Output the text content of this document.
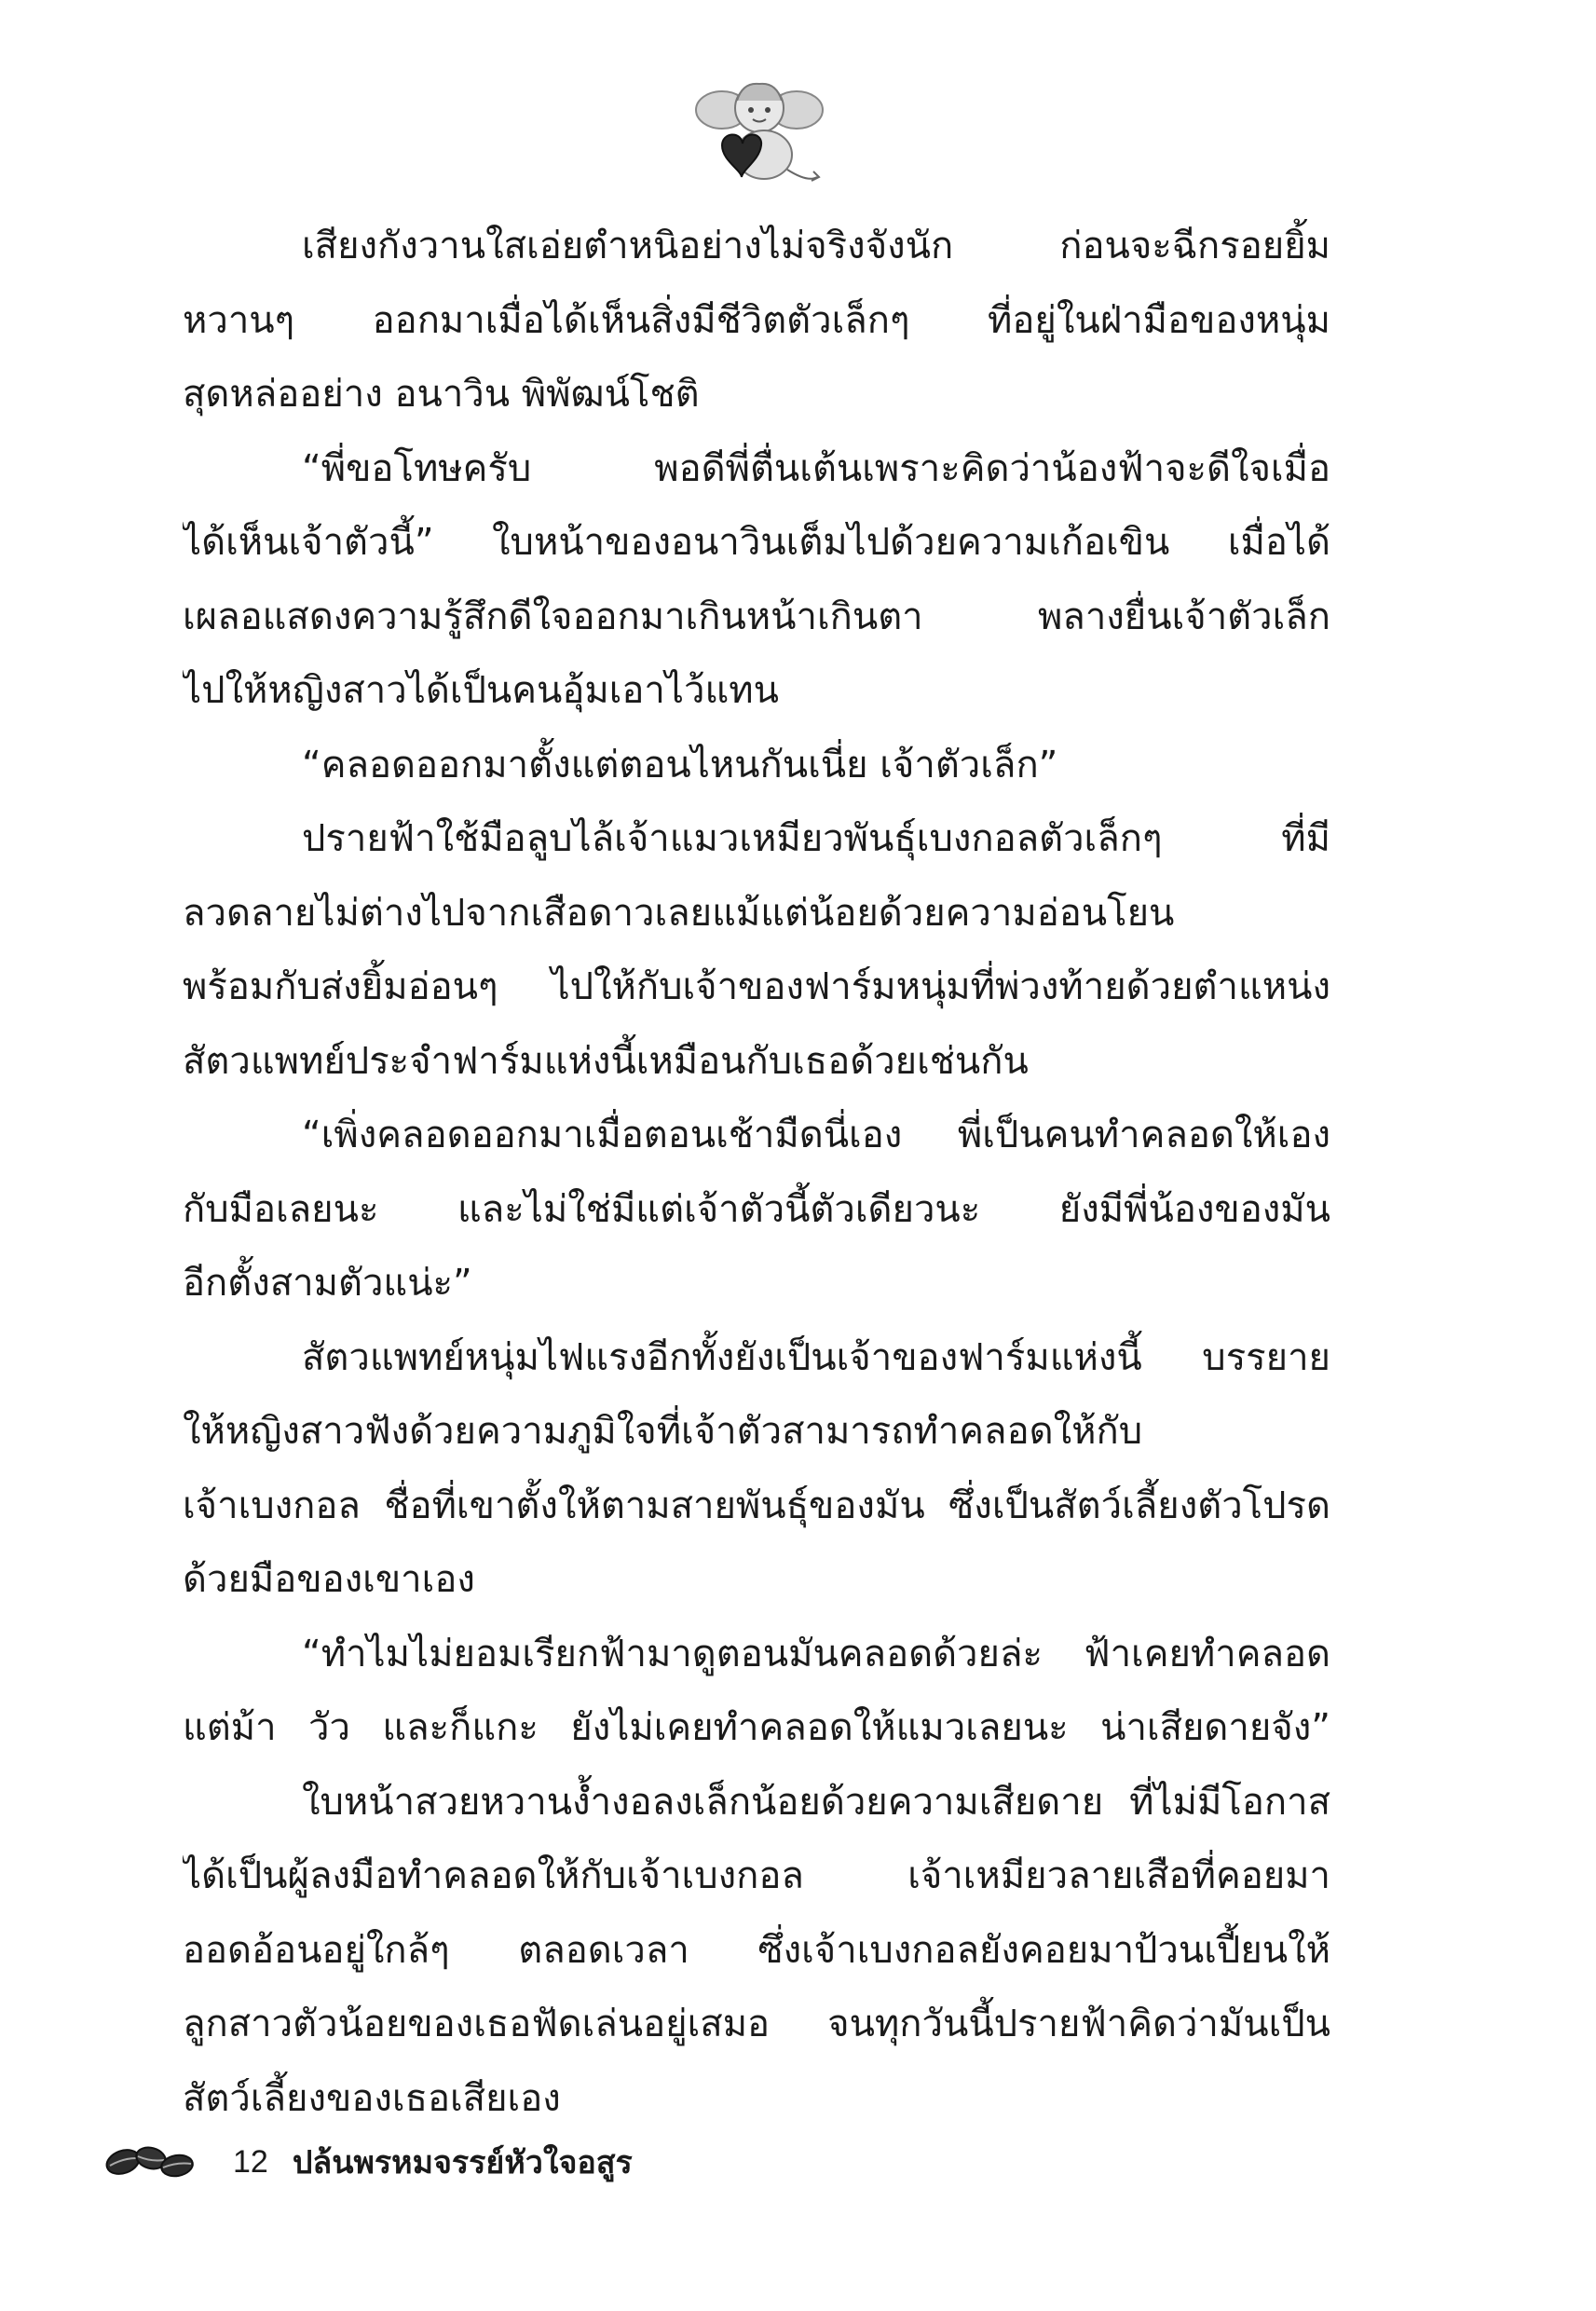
เสียงกังวานใสเอ่ยตำหนิอย่างไม่จริงจังนัก ก่อนจะฉีกรอยยิ้ม
หวานๆ ออกมาเมื่อได้เห็นสิ่งมีชีวิตตัวเล็กๆ ที่อยู่ในฝ่ามือของหนุ่ม
สุดหล่ออย่าง อนาวิน พิพัฒน์โชติ
“พี่ขอโทษครับ พอดีพี่ตื่นเต้นเพราะคิดว่าน้องฟ้าจะดีใจเมื่อ
ได้เห็นเจ้าตัวนี้” ใบหน้าของอนาวินเต็มไปด้วยความเก้อเขิน เมื่อได้
เผลอแสดงความรู้สึกดีใจออกมาเกินหน้าเกินตา พลางยื่นเจ้าตัวเล็ก
ไปให้หญิงสาวได้เป็นคนอุ้มเอาไว้แทน
“คลอดออกมาตั้งแต่ตอนไหนกันเนี่ย เจ้าตัวเล็ก”
ปรายฟ้าใช้มือลูบไล้เจ้าแมวเหมียวพันธุ์เบงกอลตัวเล็กๆ ที่มี
ลวดลายไม่ต่างไปจากเสือดาวเลยแม้แต่น้อยด้วยความอ่อนโยน
พร้อมกับส่งยิ้มอ่อนๆ ไปให้กับเจ้าของฟาร์มหนุ่มที่พ่วงท้ายด้วยตำแหน่ง
สัตวแพทย์ประจำฟาร์มแห่งนี้เหมือนกับเธอด้วยเช่นกัน
“เพิ่งคลอดออกมาเมื่อตอนเช้ามืดนี่เอง พี่เป็นคนทำคลอดให้เอง
กับมือเลยนะ และไม่ใช่มีแต่เจ้าตัวนี้ตัวเดียวนะ ยังมีพี่น้องของมัน
อีกตั้งสามตัวแน่ะ”
สัตวแพทย์หนุ่มไฟแรงอีกทั้งยังเป็นเจ้าของฟาร์มแห่งนี้ บรรยาย
ให้หญิงสาวฟังด้วยความภูมิใจที่เจ้าตัวสามารถทำคลอดให้กับ
เจ้าเบงกอล ชื่อที่เขาตั้งให้ตามสายพันธุ์ของมัน ซึ่งเป็นสัตว์เลี้ยงตัวโปรด
ด้วยมือของเขาเอง
“ทำไมไม่ยอมเรียกฟ้ามาดูตอนมันคลอดด้วยล่ะ ฟ้าเคยทำคลอด
แต่ม้า วัว และก็แกะ ยังไม่เคยทำคลอดให้แมวเลยนะ น่าเสียดายจัง”
ใบหน้าสวยหวานง้ำงอลงเล็กน้อยด้วยความเสียดาย ที่ไม่มีโอกาส
ได้เป็นผู้ลงมือทำคลอดให้กับเจ้าเบงกอล เจ้าเหมียวลายเสือที่คอยมา
ออดอ้อนอยู่ใกล้ๆ ตลอดเวลา ซึ่งเจ้าเบงกอลยังคอยมาป้วนเปี้ยนให้
ลูกสาวตัวน้อยของเธอฟัดเล่นอยู่เสมอ จนทุกวันนี้ปรายฟ้าคิดว่ามันเป็น
สัตว์เลี้ยงของเธอเสียเอง
12 ปล้นพรหมจรรย์หัวใจอสูร
